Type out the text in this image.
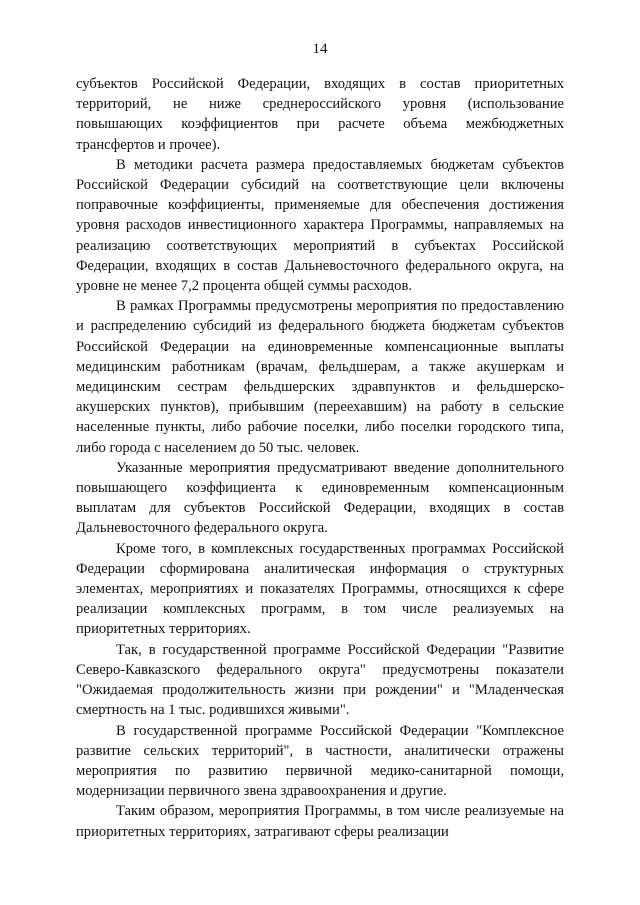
14

субъектов Российской Федерации, входящих в состав приоритетных территорий, не ниже среднероссийского уровня (использование повышающих коэффициентов при расчете объема межбюджетных трансфертов и прочее).

В методики расчета размера предоставляемых бюджетам субъектов Российской Федерации субсидий на соответствующие цели включены поправочные коэффициенты, применяемые для обеспечения достижения уровня расходов инвестиционного характера Программы, направляемых на реализацию соответствующих мероприятий в субъектах Российской Федерации, входящих в состав Дальневосточного федерального округа, на уровне не менее 7,2 процента общей суммы расходов.

В рамках Программы предусмотрены мероприятия по предоставлению и распределению субсидий из федерального бюджета бюджетам субъектов Российской Федерации на единовременные компенсационные выплаты медицинским работникам (врачам, фельдшерам, а также акушеркам и медицинским сестрам фельдшерских здравпунктов и фельдшерско-акушерских пунктов), прибывшим (переехавшим) на работу в сельские населенные пункты, либо рабочие поселки, либо поселки городского типа, либо города с населением до 50 тыс. человек.

Указанные мероприятия предусматривают введение дополнительного повышающего коэффициента к единовременным компенсационным выплатам для субъектов Российской Федерации, входящих в состав Дальневосточного федерального округа.

Кроме того, в комплексных государственных программах Российской Федерации сформирована аналитическая информация о структурных элементах, мероприятиях и показателях Программы, относящихся к сфере реализации комплексных программ, в том числе реализуемых на приоритетных территориях.

Так, в государственной программе Российской Федерации "Развитие Северо-Кавказского федерального округа" предусмотрены показатели "Ожидаемая продолжительность жизни при рождении" и "Младенческая смертность на 1 тыс. родившихся живыми".

В государственной программе Российской Федерации "Комплексное развитие сельских территорий", в частности, аналитически отражены мероприятия по развитию первичной медико-санитарной помощи, модернизации первичного звена здравоохранения и другие.

Таким образом, мероприятия Программы, в том числе реализуемые на приоритетных территориях, затрагивают сферы реализации
